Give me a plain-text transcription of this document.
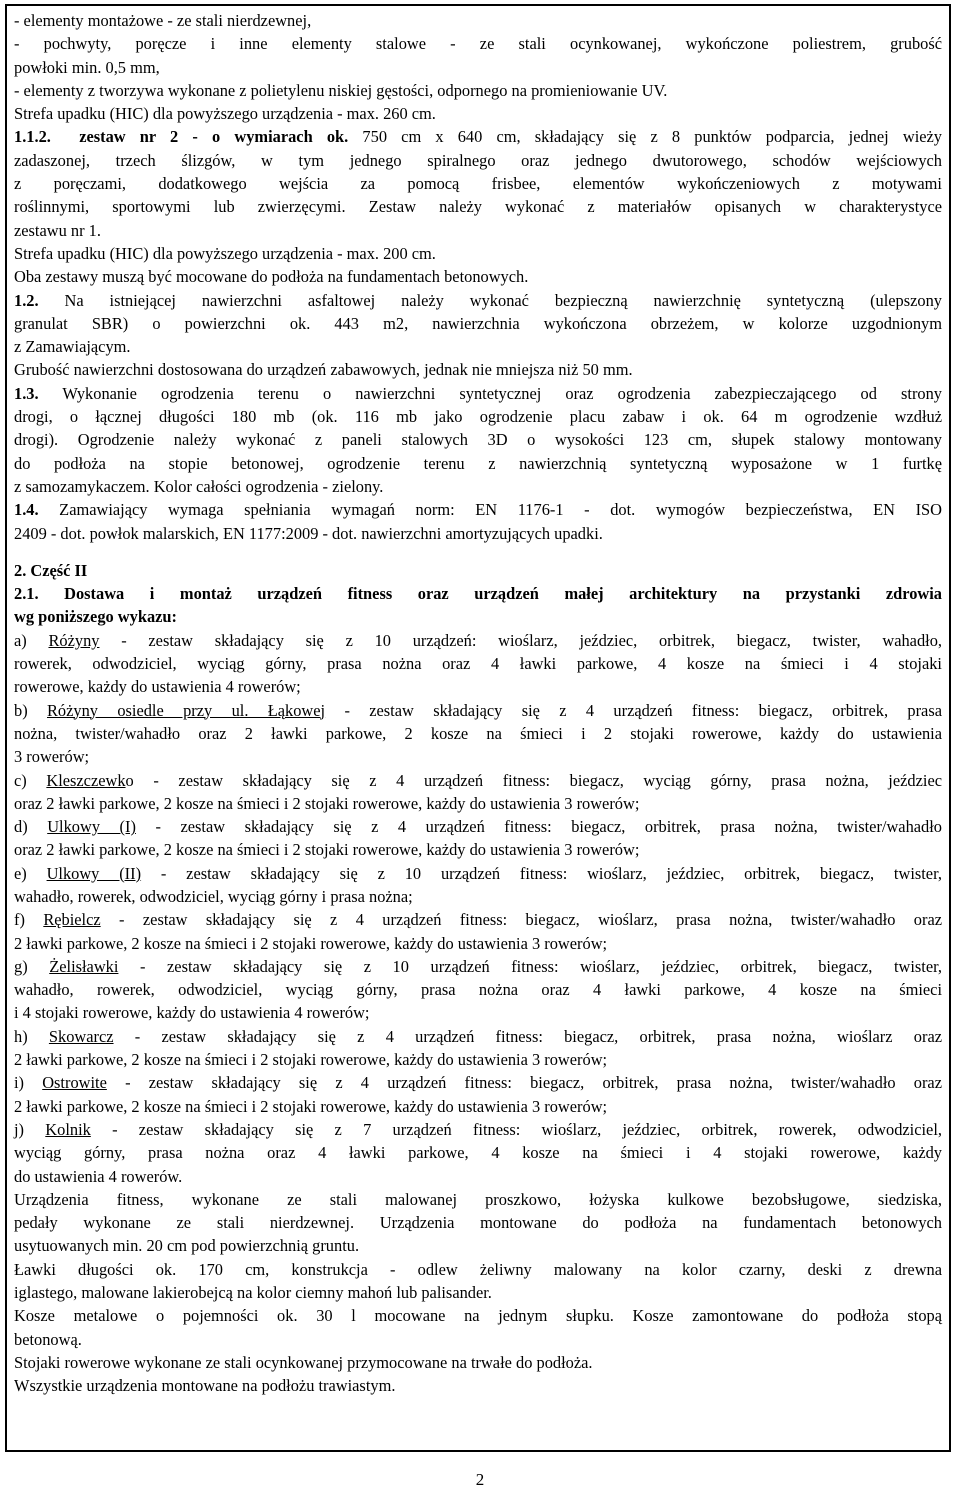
- elementy montażowe - ze stali nierdzewnej,
- pochwyty, poręcze i inne elementy stalowe - ze stali ocynkowanej, wykończone poliestrem, grubość
powłoki min. 0,5 mm,
- elementy z tworzywa wykonane z polietylenu niskiej gęstości, odpornego na promieniowanie UV.
Strefa upadku (HIC) dla powyższego urządzenia - max. 260 cm.
1.1.2. zestaw nr 2 - o wymiarach ok. 750 cm x 640 cm, składający się z 8 punktów podparcia, jednej wieży
zadaszonej, trzech ślizgów, w tym jednego spiralnego oraz jednego dwutorowego, schodów wejściowych
z poręczami, dodatkowego wejścia za pomocą frisbee, elementów wykończeniowych z motywami
roślinnymi, sportowymi lub zwierzęcymi. Zestaw należy wykonać z materiałów opisanych w charakterystyce
zestawu nr 1.
Strefa upadku (HIC) dla powyższego urządzenia - max. 200 cm.
Oba zestawy muszą być mocowane do podłoża na fundamentach betonowych.
1.2. Na istniejącej nawierzchni asfaltowej należy wykonać bezpieczną nawierzchnię syntetyczną (ulepszony
granulat SBR) o powierzchni ok. 443 m2, nawierzchnia wykończona obrzeżem, w kolorze uzgodnionym
z Zamawiającym.
Grubość nawierzchni dostosowana do urządzeń zabawowych, jednak nie mniejsza niż 50 mm.
1.3. Wykonanie ogrodzenia terenu o nawierzchni syntetycznej oraz ogrodzenia zabezpieczającego od strony
drogi, o łącznej długości 180 mb (ok. 116 mb jako ogrodzenie placu zabaw i ok. 64 m ogrodzenie wzdłuż
drogi). Ogrodzenie należy wykonać z paneli stalowych 3D o wysokości 123 cm, słupek stalowy montowany
do podłoża na stopie betonowej, ogrodzenie terenu z nawierzchnią syntetyczną wyposażone w 1 furtkę
z samozamykaczem. Kolor całości ogrodzenia - zielony.
1.4. Zamawiający wymaga spełniania wymagań norm: EN 1176-1 - dot. wymogów bezpieczeństwa, EN ISO
2409 - dot. powłok malarskich, EN 1177:2009 - dot. nawierzchni amortyzujących upadki.
2. Część II
2.1. Dostawa i montaż urządzeń fitness oraz urządzeń małej architektury na przystanki zdrowia
wg poniższego wykazu:
a) Różyny - zestaw składający się z 10 urządzeń: wioślarz, jeździec, orbitrek, biegacz, twister, wahadło,
rowerek, odwodziciel, wyciąg górny, prasa nożna oraz 4 ławki parkowe, 4 kosze na śmieci i 4 stojaki
rowerowe, każdy do ustawienia 4 rowerów;
b) Różyny osiedle przy ul. Łąkowej - zestaw składający się z 4 urządzeń fitness: biegacz, orbitrek, prasa
nożna, twister/wahadło oraz 2 ławki parkowe, 2 kosze na śmieci i 2 stojaki rowerowe, każdy do ustawienia
3 rowerów;
c) Kleszczewko - zestaw składający się z 4 urządzeń fitness: biegacz, wyciąg górny, prasa nożna, jeździec
oraz 2 ławki parkowe, 2 kosze na śmieci i 2 stojaki rowerowe, każdy do ustawienia 3 rowerów;
d) Ulkowy (I) - zestaw składający się z 4 urządzeń fitness: biegacz, orbitrek, prasa nożna, twister/wahadło
oraz 2 ławki parkowe, 2 kosze na śmieci i 2 stojaki rowerowe, każdy do ustawienia 3 rowerów;
e) Ulkowy (II) - zestaw składający się z 10 urządzeń fitness: wioślarz, jeździec, orbitrek, biegacz, twister,
wahadło, rowerek, odwodziciel, wyciąg górny i prasa nożna;
f) Rębielcz - zestaw składający się z 4 urządzeń fitness: biegacz, wioślarz, prasa nożna, twister/wahadło oraz
2 ławki parkowe, 2 kosze na śmieci i 2 stojaki rowerowe, każdy do ustawienia 3 rowerów;
g) Żelisławki - zestaw składający się z 10 urządzeń fitness: wioślarz, jeździec, orbitrek, biegacz, twister,
wahadło, rowerek, odwodziciel, wyciąg górny, prasa nożna oraz 4 ławki parkowe, 4 kosze na śmieci
i 4 stojaki rowerowe, każdy do ustawienia 4 rowerów;
h) Skowarcz - zestaw składający się z 4 urządzeń fitness: biegacz, orbitrek, prasa nożna, wioślarz oraz
2 ławki parkowe, 2 kosze na śmieci i 2 stojaki rowerowe, każdy do ustawienia 3 rowerów;
i) Ostrowite - zestaw składający się z 4 urządzeń fitness: biegacz, orbitrek, prasa nożna, twister/wahadło oraz
2 ławki parkowe, 2 kosze na śmieci i 2 stojaki rowerowe, każdy do ustawienia 3 rowerów;
j) Kolnik - zestaw składający się z 7 urządzeń fitness: wioślarz, jeździec, orbitrek, rowerek, odwodziciel,
wyciąg górny, prasa nożna oraz 4 ławki parkowe, 4 kosze na śmieci i 4 stojaki rowerowe, każdy
do ustawienia 4 rowerów.
Urządzenia fitness, wykonane ze stali malowanej proszkowo, łożyska kulkowe bezobsługowe, siedziska,
pedały wykonane ze stali nierdzewnej. Urządzenia montowane do podłoża na fundamentach betonowych
usytuowanych min. 20 cm pod powierzchnią gruntu.
Ławki długości ok. 170 cm, konstrukcja - odlew żeliwny malowany na kolor czarny, deski z drewna
iglastego, malowane lakierobejcą na kolor ciemny mahoń lub palisander.
Kosze metalowe o pojemności ok. 30 l mocowane na jednym słupku. Kosze zamontowane do podłoża stopą
betonową.
Stojaki rowerowe wykonane ze stali ocynkowanej przymocowane na trwałe do podłoża.
Wszystkie urządzenia montowane na podłożu trawiastym.
2
